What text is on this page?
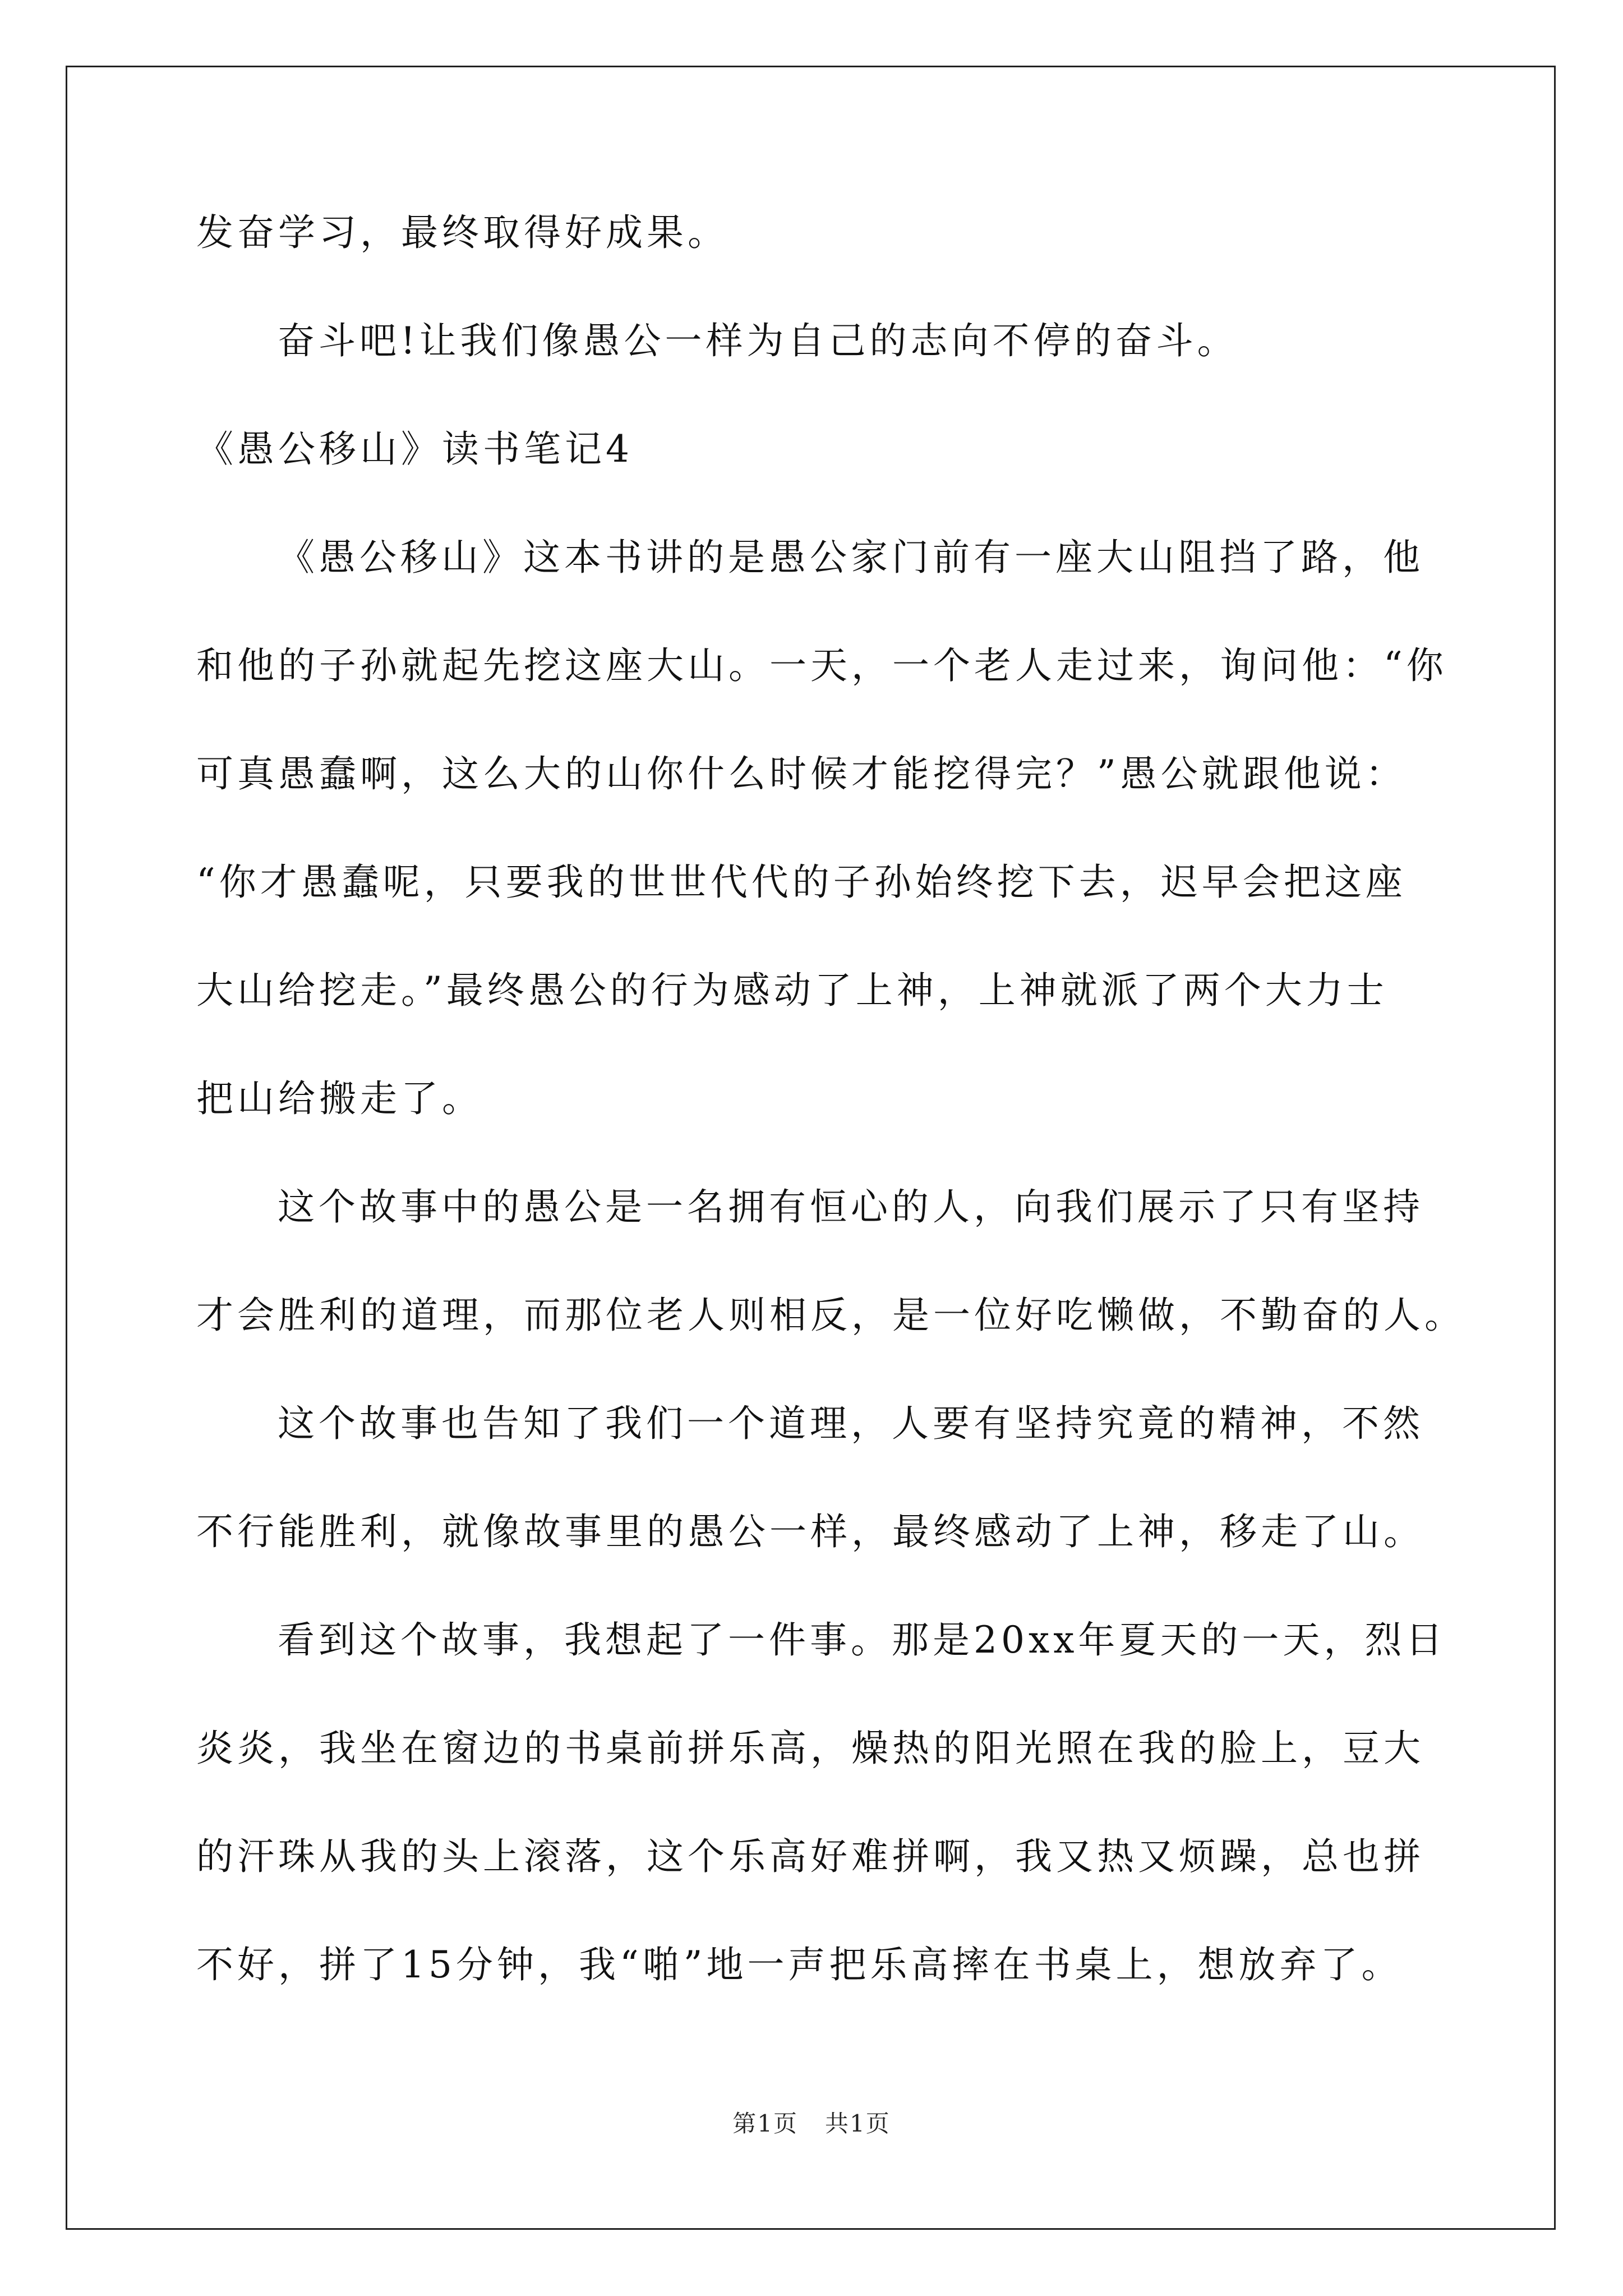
发奋学习，最终取得好成果。

奋斗吧!让我们像愚公一样为自己的志向不停的奋斗。

《愚公移山》读书笔记4

《愚公移山》这本书讲的是愚公家门前有一座大山阻挡了路，他

和他的子孙就起先挖这座大山。一天，一个老人走过来，询问他：“你

可真愚蠢啊，这么大的山你什么时候才能挖得完？”愚公就跟他说：

“你才愚蠢呢，只要我的世世代代的子孙始终挖下去，迟早会把这座

大山给挖走。”最终愚公的行为感动了上神，上神就派了两个大力士

把山给搬走了。

这个故事中的愚公是一名拥有恒心的人，向我们展示了只有坚持

才会胜利的道理，而那位老人则相反，是一位好吃懒做，不勤奋的人。

这个故事也告知了我们一个道理，人要有坚持究竟的精神，不然

不行能胜利，就像故事里的愚公一样，最终感动了上神，移走了山。

看到这个故事，我想起了一件事。那是20xx年夏天的一天，烈日

炎炎，我坐在窗边的书桌前拼乐高，燥热的阳光照在我的脸上，豆大

的汗珠从我的头上滚落，这个乐高好难拼啊，我又热又烦躁，总也拼

不好，拼了15分钟，我“啪”地一声把乐高摔在书桌上，想放弃了。

第1页 共1页
